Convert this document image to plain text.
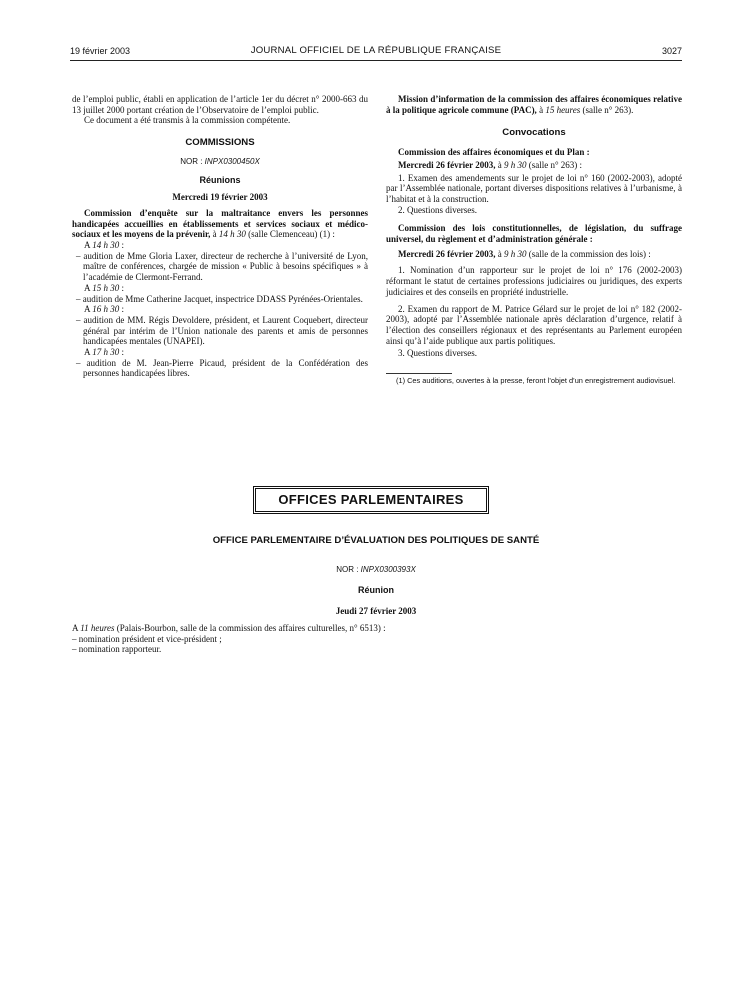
19 février 2003	JOURNAL OFFICIEL DE LA RÉPUBLIQUE FRANÇAISE	3027

de l’emploi public, établi en application de l’article 1er du décret n° 2000-663 du 13 juillet 2000 portant création de l’Observatoire de l’emploi public.

Ce document a été transmis à la commission compétente.

COMMISSIONS
NOR : INPX0300450X
Réunions
Mercredi 19 février 2003

Commission d’enquête sur la maltraitance envers les personnes handicapées accueillies en établissements et services sociaux et médico-sociaux et les moyens de la prévenir, à 14 h 30 (salle Clemenceau) (1) :

A 14 h 30 :

– audition de Mme Gloria Laxer, directeur de recherche à l’université de Lyon, maître de conférences, chargée de mission « Public à besoins spécifiques » à l’académie de Clermont-Ferrand.

A 15 h 30 :

– audition de Mme Catherine Jacquet, inspectrice DDASS Pyrénées-Orientales.

A 16 h 30 :

– audition de MM. Régis Devoldere, président, et Laurent Coquebert, directeur général par intérim de l’Union nationale des parents et amis de personnes handicapées mentales (UNAPEI).

A 17 h 30 :

– audition de M. Jean-Pierre Picaud, président de la Confédération des personnes handicapées libres.

Mission d’information de la commission des affaires économiques relative à la politique agricole commune (PAC), à 15 heures (salle n° 263).

Convocations

Commission des affaires économiques et du Plan :

Mercredi 26 février 2003, à 9 h 30 (salle n° 263) :

1. Examen des amendements sur le projet de loi n° 160 (2002-2003), adopté par l’Assemblée nationale, portant diverses dispositions relatives à l’urbanisme, à l’habitat et à la construction.

2. Questions diverses.

Commission des lois constitutionnelles, de législation, du suffrage universel, du règlement et d’administration générale :

Mercredi 26 février 2003, à 9 h 30 (salle de la commission des lois) :

1. Nomination d’un rapporteur sur le projet de loi n° 176 (2002-2003) réformant le statut de certaines professions judiciaires ou juridiques, des experts judiciaires et des conseils en propriété industrielle.

2. Examen du rapport de M. Patrice Gélard sur le projet de loi n° 182 (2002-2003), adopté par l’Assemblée nationale après déclaration d’urgence, relatif à l’élection des conseillers régionaux et des représentants au Parlement européen ainsi qu’à l’aide publique aux partis politiques.

3. Questions diverses.

(1) Ces auditions, ouvertes à la presse, feront l’objet d’un enregistrement audiovisuel.

OFFICES PARLEMENTAIRES

OFFICE PARLEMENTAIRE D’ÉVALUATION DES POLITIQUES DE SANTÉ

NOR : INPX0300393X

Réunion

Jeudi 27 février 2003

A 11 heures (Palais-Bourbon, salle de la commission des affaires culturelles, n° 6513) :

– nomination président et vice-président ;

– nomination rapporteur.
